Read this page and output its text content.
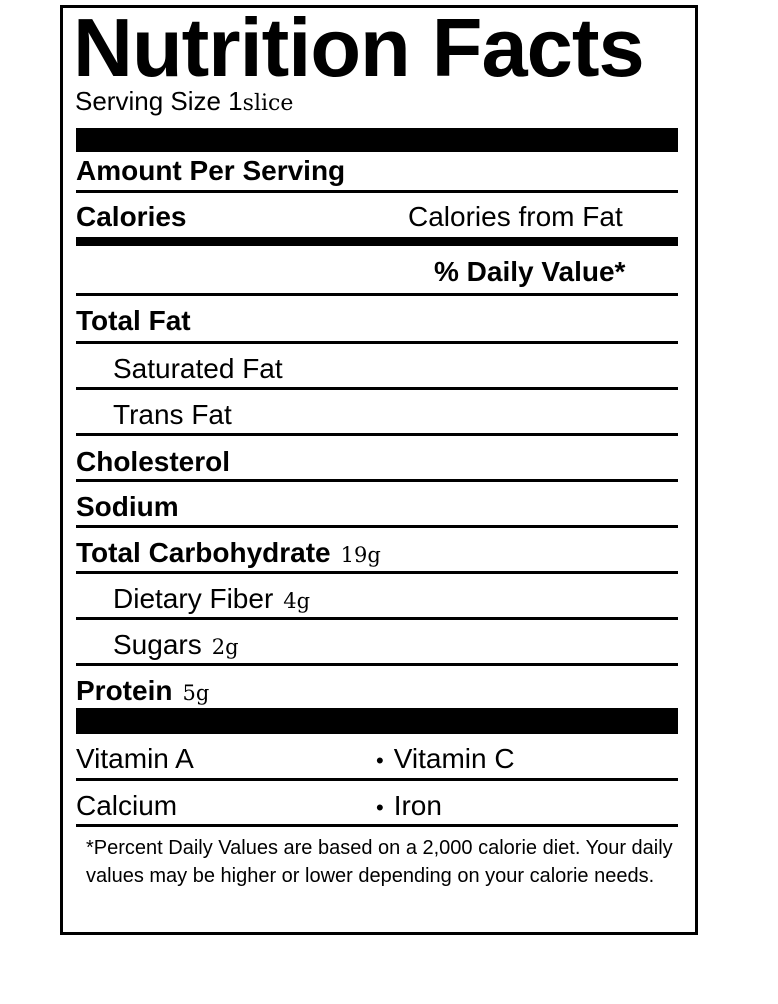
Nutrition Facts
Serving Size 1slice
Amount Per Serving
Calories	Calories from Fat
% Daily Value*
Total Fat
Saturated Fat
Trans Fat
Cholesterol
Sodium
Total Carbohydrate 19g
Dietary Fiber 4g
Sugars 2g
Protein 5g
Vitamin A	• Vitamin C
Calcium	• Iron
*Percent Daily Values are based on a 2,000 calorie diet. Your daily values may be higher or lower depending on your calorie needs.
